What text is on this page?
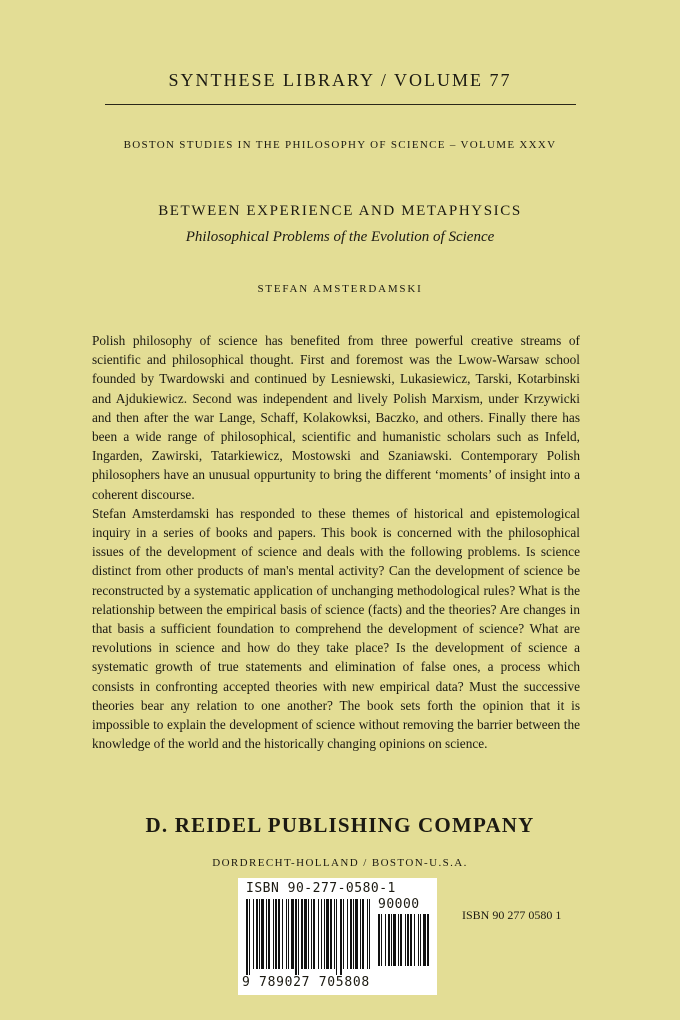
SYNTHESE LIBRARY / VOLUME 77
BOSTON STUDIES IN THE PHILOSOPHY OF SCIENCE – VOLUME XXXV
BETWEEN EXPERIENCE AND METAPHYSICS
Philosophical Problems of the Evolution of Science
STEFAN AMSTERDAMSKI

Polish philosophy of science has benefited from three powerful creative streams of scientific and philosophical thought. First and foremost was the Lwow-Warsaw school founded by Twardowski and continued by Lesniewski, Lukasiewicz, Tarski, Kotarbinski and Ajdukiewicz. Second was independent and lively Polish Marxism, under Krzywicki and then after the war Lange, Schaff, Kolakowksi, Baczko, and others. Finally there has been a wide range of philosophical, scientific and humanistic scholars such as Infeld, Ingarden, Zawirski, Tatarkiewicz, Mostowski and Szaniawski. Contemporary Polish philosophers have an unusual oppurtunity to bring the different ‘moments’ of insight into a coherent discourse.

Stefan Amsterdamski has responded to these themes of historical and epistemological inquiry in a series of books and papers. This book is concerned with the philosophical issues of the development of science and deals with the following problems. Is science distinct from other products of man's mental activity? Can the development of science be reconstructed by a systematic application of unchanging methodological rules? What is the relationship between the empirical basis of science (facts) and the theories? Are changes in that basis a sufficient foundation to comprehend the development of science? What are revolutions in science and how do they take place? Is the development of science a systematic growth of true statements and elimination of false ones, a process which consists in confronting accepted theories with new empirical data? Must the successive theories bear any relation to one another? The book sets forth the opinion that it is impossible to explain the development of science without removing the barrier between the knowledge of the world and the historically changing opinions on science.

D. REIDEL PUBLISHING COMPANY
DORDRECHT-HOLLAND / BOSTON-U.S.A.
ISBN 90-277-0580-1
90000
9 789027 705808
ISBN 90 277 0580 1
